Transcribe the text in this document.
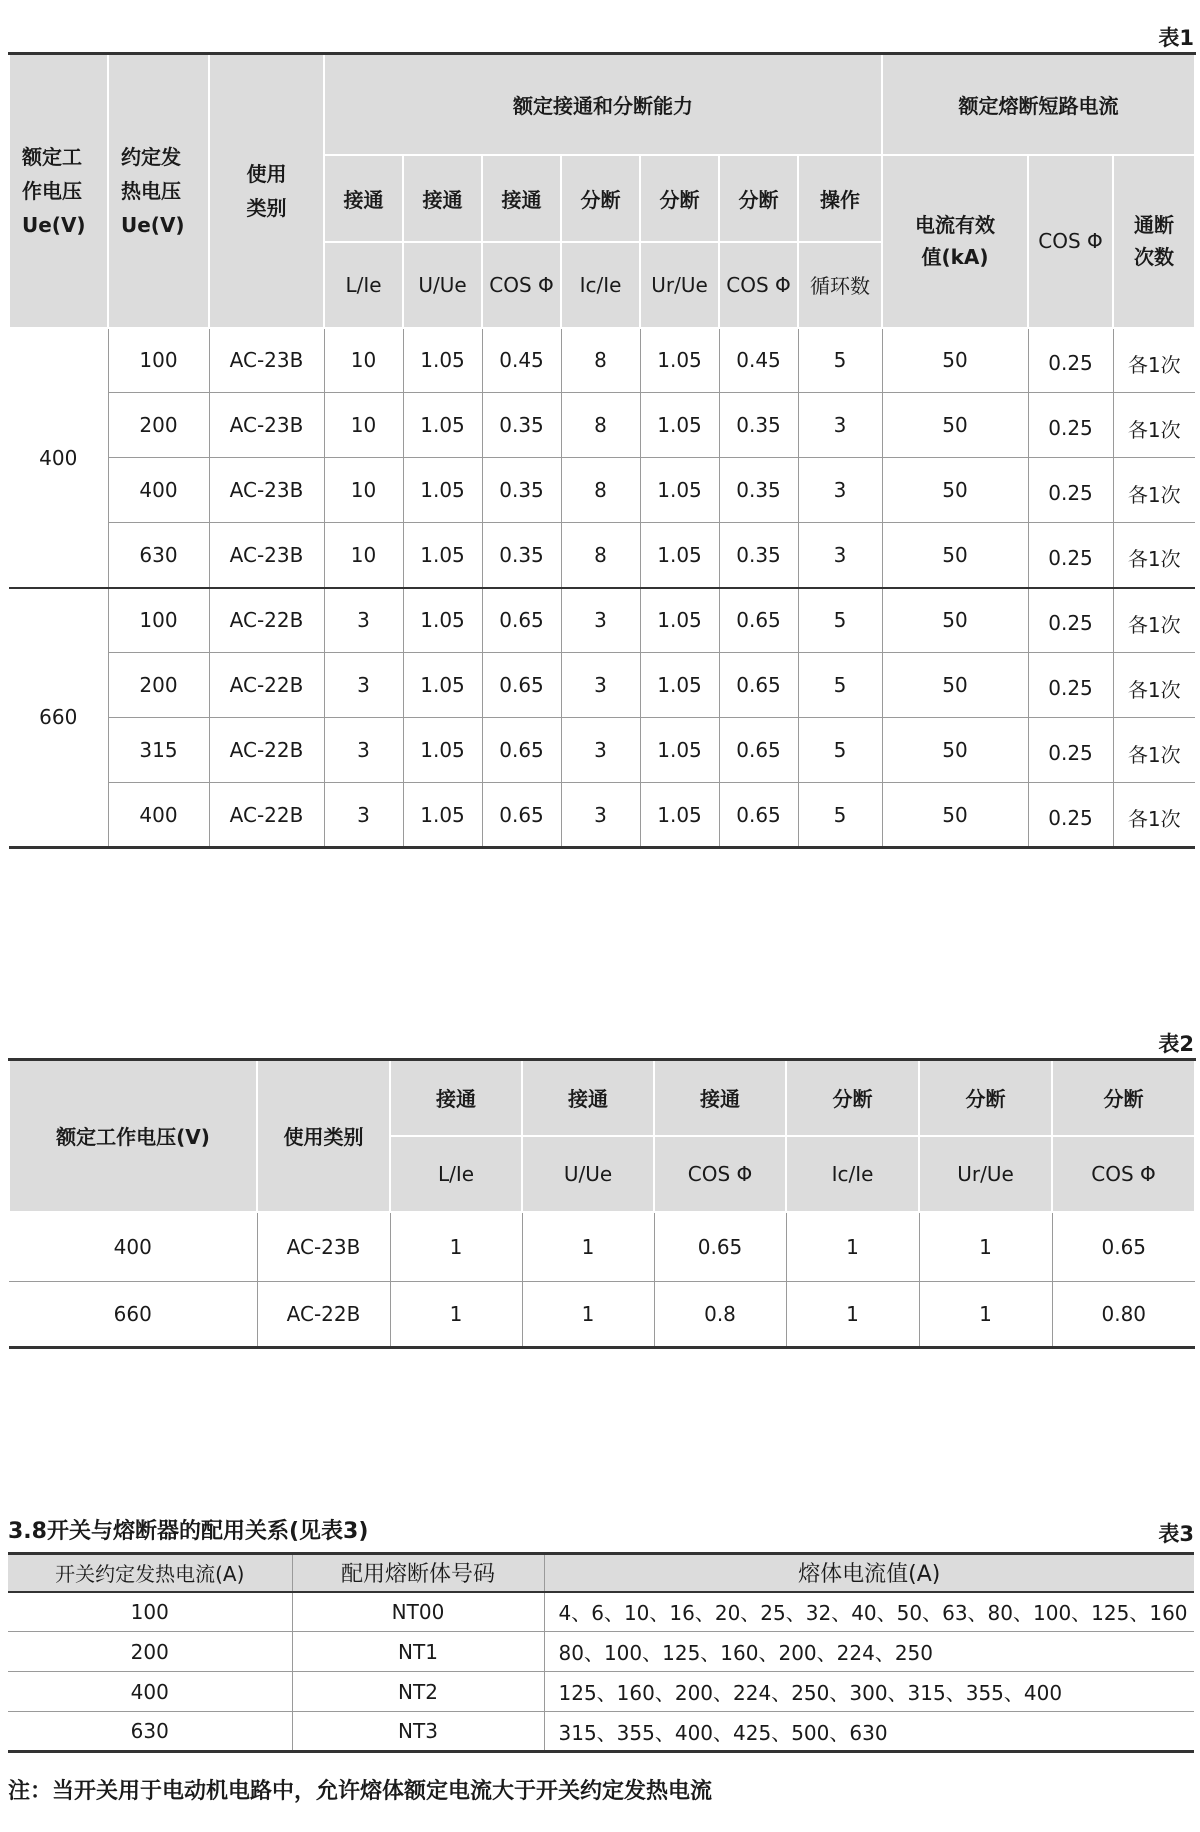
表1
额定工作电压Ue(V)	约定发热电压Ue(V)	使用类别	额定接通和分断能力							额定熔断短路电流		
			接通	接通	接通	分断	分断	分断	操作	电流有效值(kA)	COS Φ	通断次数
			L/Ie	U/Ue	COS Φ	Ic/Ie	Ur/Ue	COS Φ	循环数			
400	100	AC-23B	10	1.05	0.45	8	1.05	0.45	5	50	0.25	各1次
	200	AC-23B	10	1.05	0.35	8	1.05	0.35	3	50	0.25	各1次
	400	AC-23B	10	1.05	0.35	8	1.05	0.35	3	50	0.25	各1次
	630	AC-23B	10	1.05	0.35	8	1.05	0.35	3	50	0.25	各1次
660	100	AC-22B	3	1.05	0.65	3	1.05	0.65	5	50	0.25	各1次
	200	AC-22B	3	1.05	0.65	3	1.05	0.65	5	50	0.25	各1次
	315	AC-22B	3	1.05	0.65	3	1.05	0.65	5	50	0.25	各1次
	400	AC-22B	3	1.05	0.65	3	1.05	0.65	5	50	0.25	各1次
表2
额定工作电压(V)	使用类别	接通	接通	接通	分断	分断	分断
		L/Ie	U/Ue	COS Φ	Ic/Ie	Ur/Ue	COS Φ
400	AC-23B	1	1	0.65	1	1	0.65
660	AC-22B	1	1	0.8	1	1	0.80
3.8开关与熔断器的配用关系(见表3)	表3
开关约定发热电流(A)	配用熔断体号码	熔体电流值(A)
100	NT00	4、6、10、16、20、25、32、40、50、63、80、100、125、160
200	NT1	80、100、125、160、200、224、250
400	NT2	125、160、200、224、250、300、315、355、400
630	NT3	315、355、400、425、500、630
注：当开关用于电动机电路中，允许熔体额定电流大于开关约定发热电流
